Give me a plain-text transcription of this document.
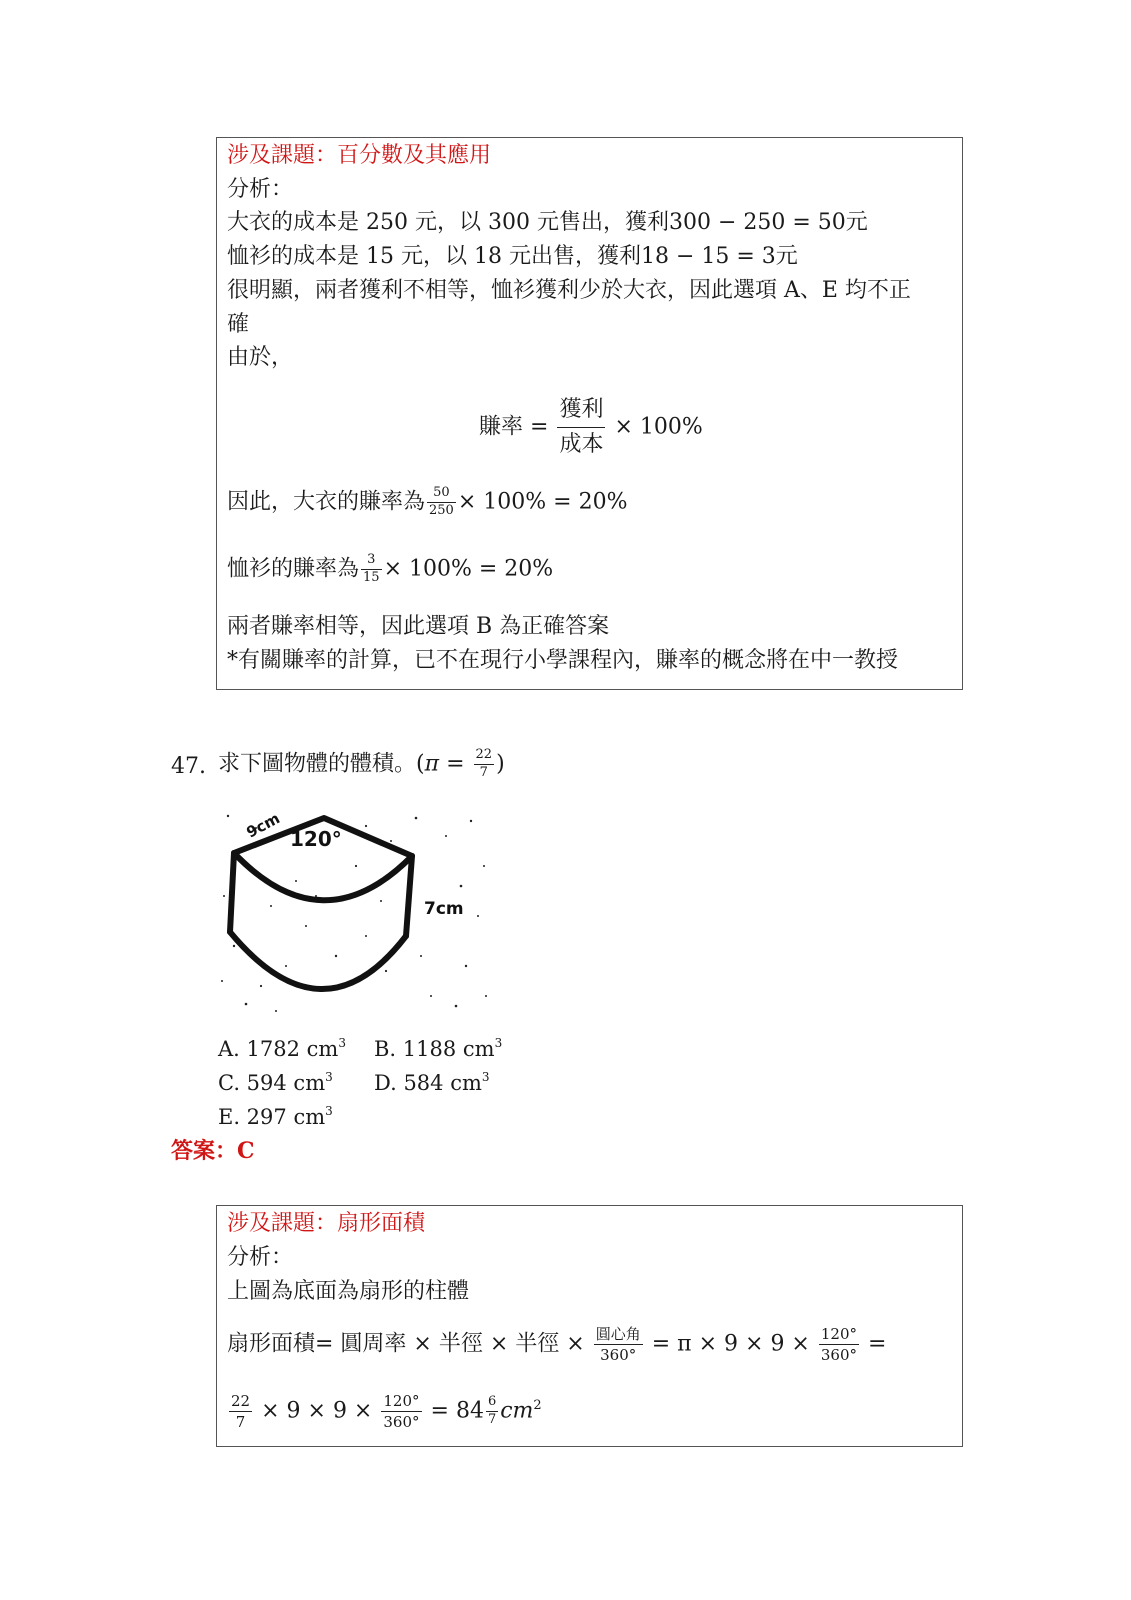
涉及課題：百分數及其應用
分析：
大衣的成本是 250 元，以 300 元售出，獲利300 − 250 = 50元
恤衫的成本是 15 元，以 18 元出售，獲利18 − 15 = 3元
很明顯，兩者獲利不相等，恤衫獲利少於大衣，因此選項 A、E 均不正
確
由於，
賺率 = $\frac{\text{獲利}}{\text{成本}} \times 100\%$
因此，大衣的賺率為 $\frac{50}{250} \times 100\% = 20\%$
恤衫的賺率為 $\frac{3}{15} \times 100\% = 20\%$
兩者賺率相等，因此選項 B 為正確答案
*有關賺率的計算，已不在現行小學課程內，賺率的概念將在中一教授
47. 求下圖物體的體積。($\pi = \frac{22}{7}$ )
9cm 120°
7cm
A. 1782 $cm^3$ B. 1188 $cm^3$
C. 594 $cm^3$ D. 584 $cm^3$
E. 297 $cm^3$
答案：C
涉及課題：扇形面積
分析：
上圖為底面為扇形的柱體
扇形面積= 圓周率 × 半徑 × 半徑 × $\frac{\text{圓心角}}{360^\circ} = \pi \times 9 \times 9 \times \frac{120^\circ}{360^\circ}$ =
$\frac{22}{7} \times 9 \times 9 \times \frac{120^\circ}{360^\circ} = 84 \frac{6}{7} cm^2$
